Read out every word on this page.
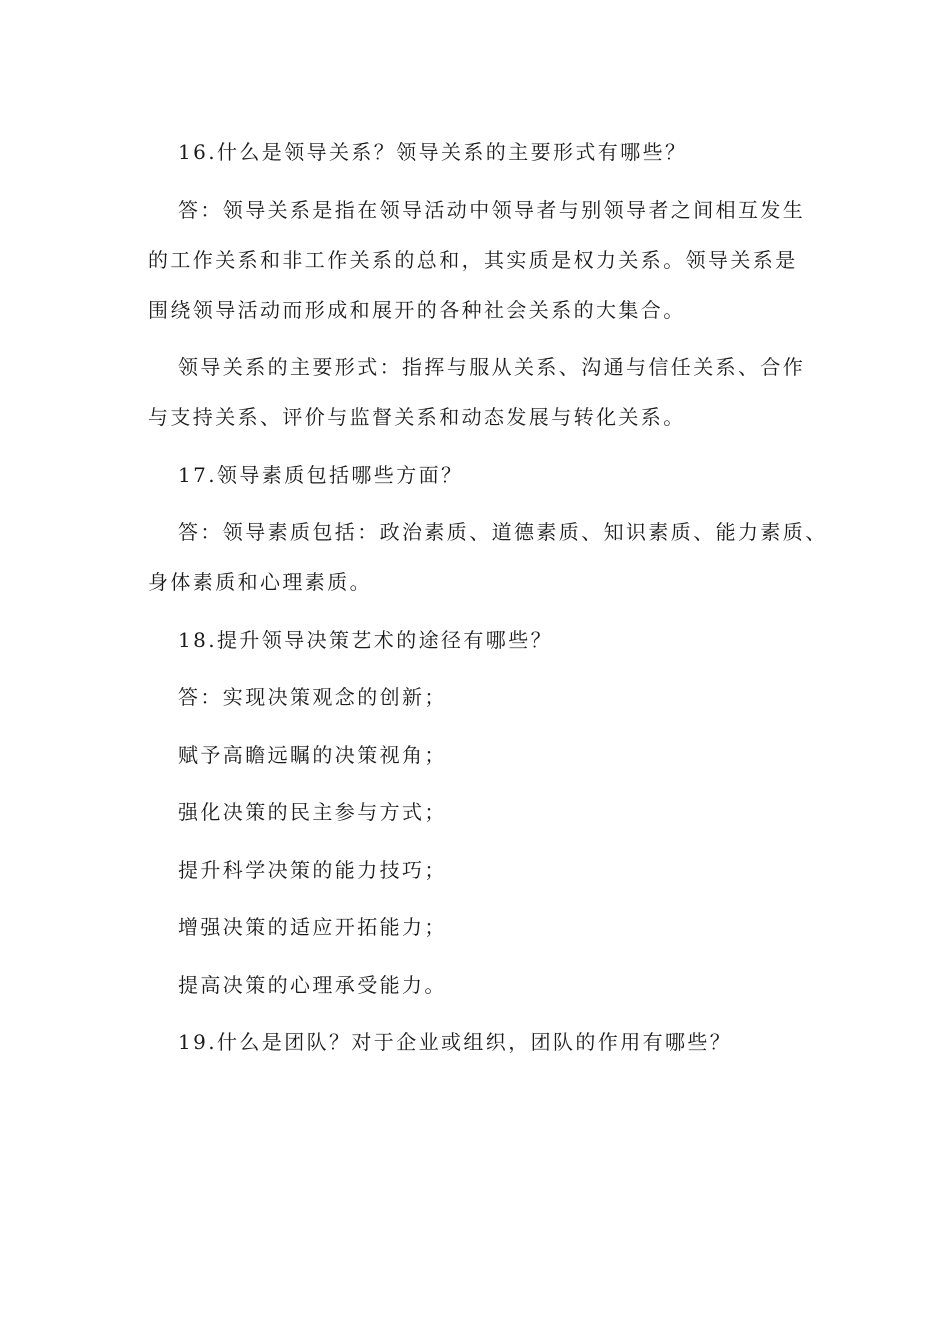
16.什么是领导关系？领导关系的主要形式有哪些？
答：领导关系是指在领导活动中领导者与别领导者之间相互发生
的工作关系和非工作关系的总和，其实质是权力关系。领导关系是
围绕领导活动而形成和展开的各种社会关系的大集合。
领导关系的主要形式：指挥与服从关系、沟通与信任关系、合作
与支持关系、评价与监督关系和动态发展与转化关系。
17.领导素质包括哪些方面？
答：领导素质包括：政治素质、道德素质、知识素质、能力素质、
身体素质和心理素质。
18.提升领导决策艺术的途径有哪些？
答：实现决策观念的创新；
赋予高瞻远瞩的决策视角；
强化决策的民主参与方式；
提升科学决策的能力技巧；
增强决策的适应开拓能力；
提高决策的心理承受能力。
19.什么是团队？对于企业或组织，团队的作用有哪些？
